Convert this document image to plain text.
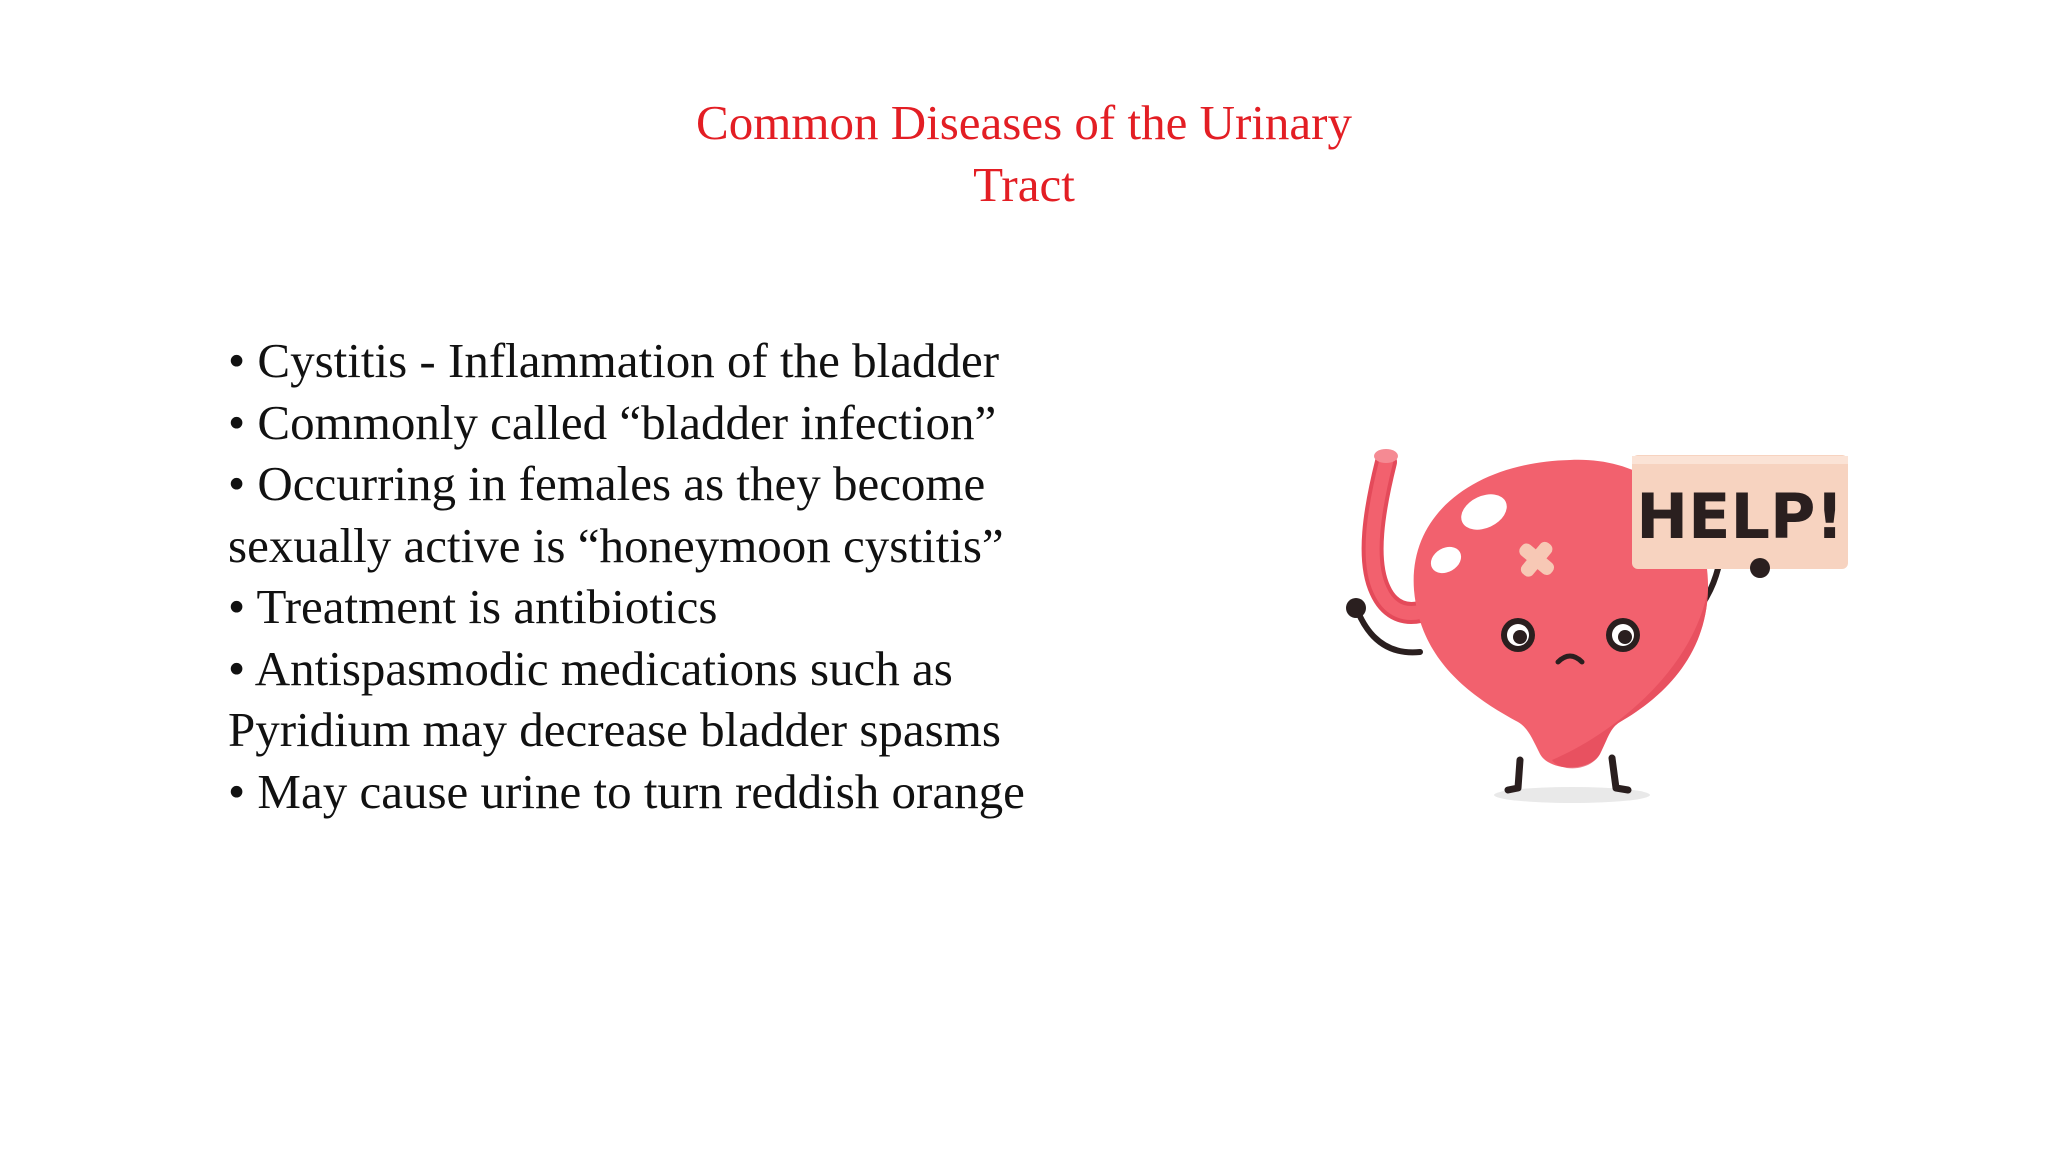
Common Diseases of the Urinary
Tract

• Cystitis - Inflammation of the bladder

• Commonly called “bladder infection”

• Occurring in females as they become

sexually active is “honeymoon cystitis”

• Treatment is antibiotics

• Antispasmodic medications such as

Pyridium may decrease bladder spasms

• May cause urine to turn reddish orange

HELP!
